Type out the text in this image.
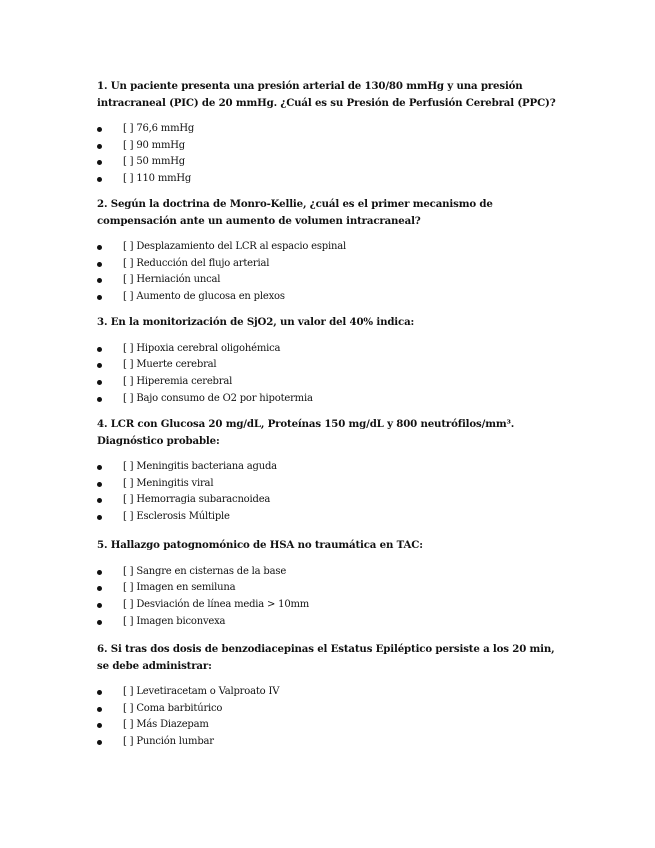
1. Un paciente presenta una presión arterial de 130/80 mmHg y una presión intracraneal (PIC) de 20 mmHg. ¿Cuál es su Presión de Perfusión Cerebral (PPC)?

[ ] 76,6 mmHg
[ ] 90 mmHg
[ ] 50 mmHg
[ ] 110 mmHg

2. Según la doctrina de Monro-Kellie, ¿cuál es el primer mecanismo de compensación ante un aumento de volumen intracraneal?

[ ] Desplazamiento del LCR al espacio espinal
[ ] Reducción del flujo arterial
[ ] Herniación uncal
[ ] Aumento de glucosa en plexos

3. En la monitorización de SjO2, un valor del 40% indica:

[ ] Hipoxia cerebral oligohémica
[ ] Muerte cerebral
[ ] Hiperemia cerebral
[ ] Bajo consumo de O2 por hipotermia

4. LCR con Glucosa 20 mg/dL, Proteínas 150 mg/dL y 800 neutrófilos/mm³. Diagnóstico probable:

[ ] Meningitis bacteriana aguda
[ ] Meningitis viral
[ ] Hemorragia subaracnoidea
[ ] Esclerosis Múltiple

5. Hallazgo patognomónico de HSA no traumática en TAC:

[ ] Sangre en cisternas de la base
[ ] Imagen en semiluna
[ ] Desviación de línea media > 10mm
[ ] Imagen biconvexa

6. Si tras dos dosis de benzodiacepinas el Estatus Epiléptico persiste a los 20 min, se debe administrar:

[ ] Levetiracetam o Valproato IV
[ ] Coma barbitúrico
[ ] Más Diazepam
[ ] Punción lumbar
